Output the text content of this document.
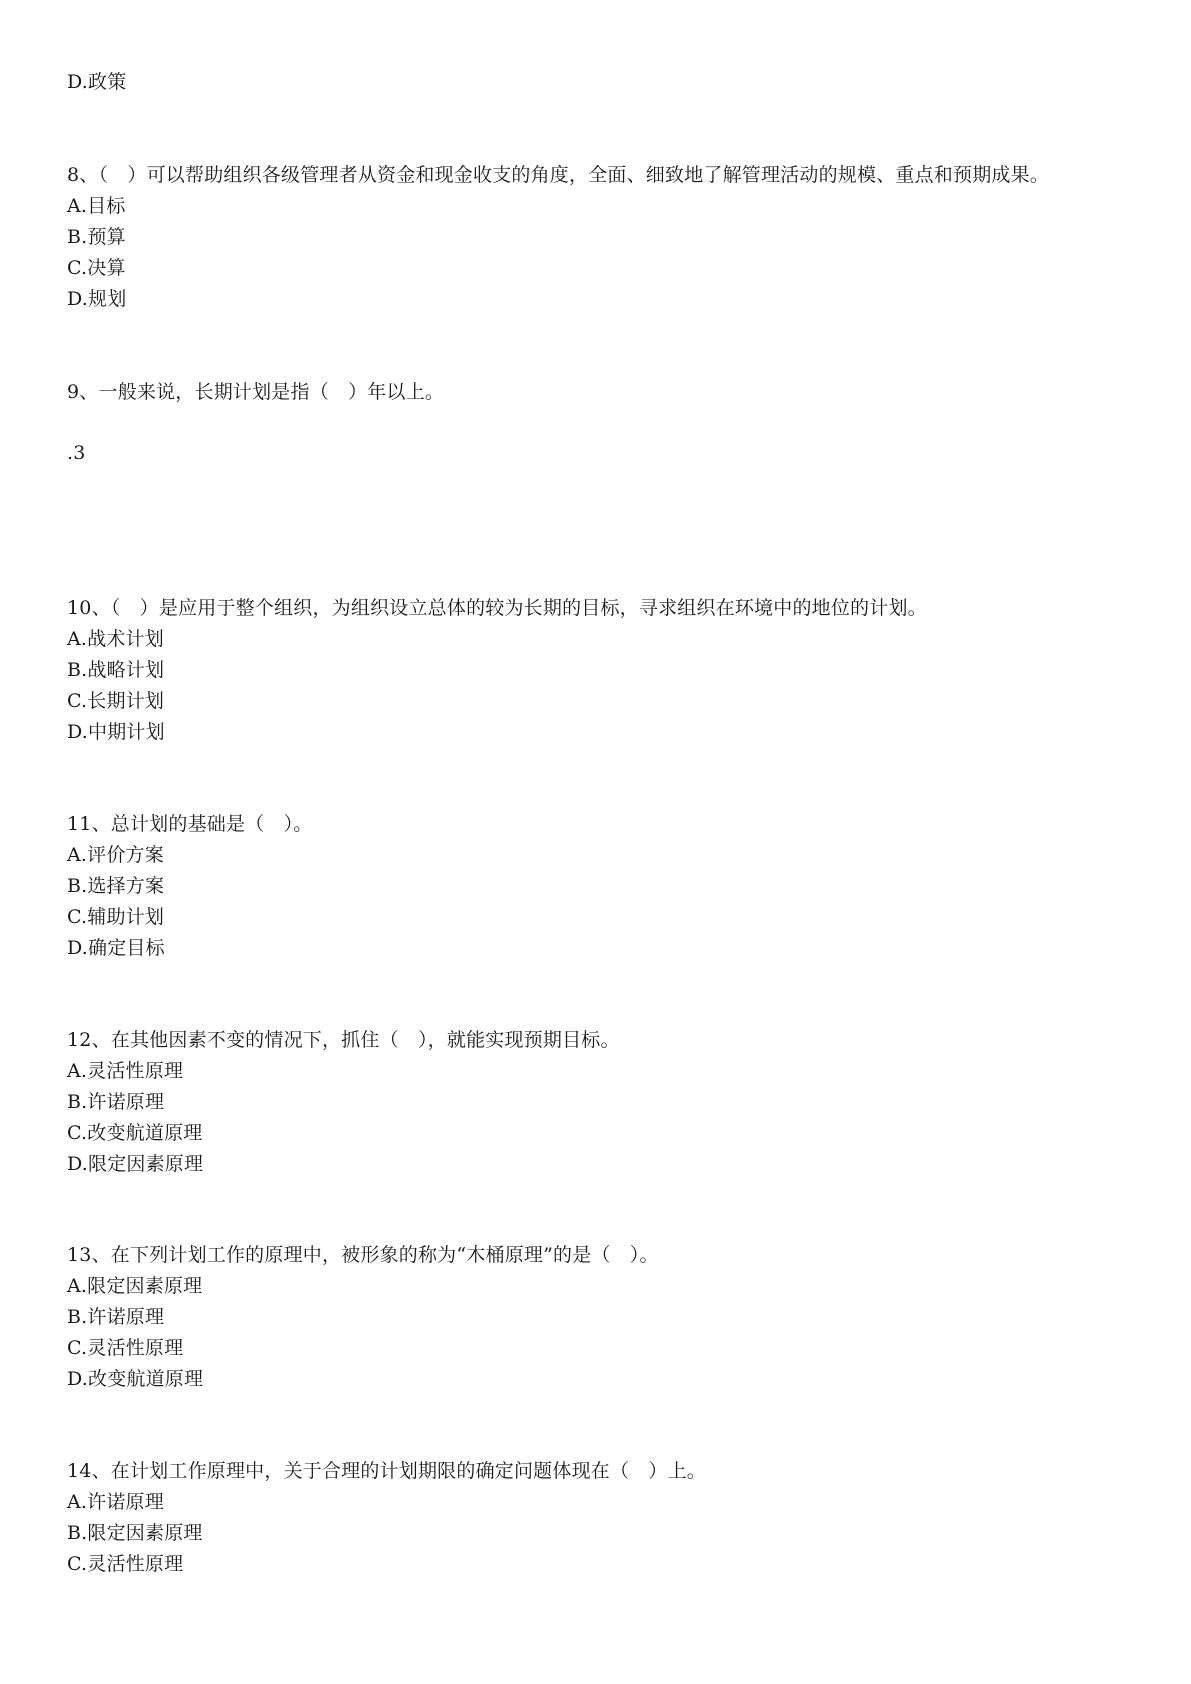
D.政策
8、（　）可以帮助组织各级管理者从资金和现金收支的角度，全面、细致地了解管理活动的规模、重点和预期成果。
A.目标
B.预算
C.决算
D.规划
9、一般来说，长期计划是指（　）年以上。
.3
10、（　）是应用于整个组织，为组织设立总体的较为长期的目标，寻求组织在环境中的地位的计划。
A.战术计划
B.战略计划
C.长期计划
D.中期计划
11、总计划的基础是（　）。
A.评价方案
B.选择方案
C.辅助计划
D.确定目标
12、在其他因素不变的情况下，抓住（　），就能实现预期目标。
A.灵活性原理
B.许诺原理
C.改变航道原理
D.限定因素原理
13、在下列计划工作的原理中，被形象的称为“木桶原理”的是（　）。
A.限定因素原理
B.许诺原理
C.灵活性原理
D.改变航道原理
14、在计划工作原理中，关于合理的计划期限的确定问题体现在（　）上。
A.许诺原理
B.限定因素原理
C.灵活性原理
